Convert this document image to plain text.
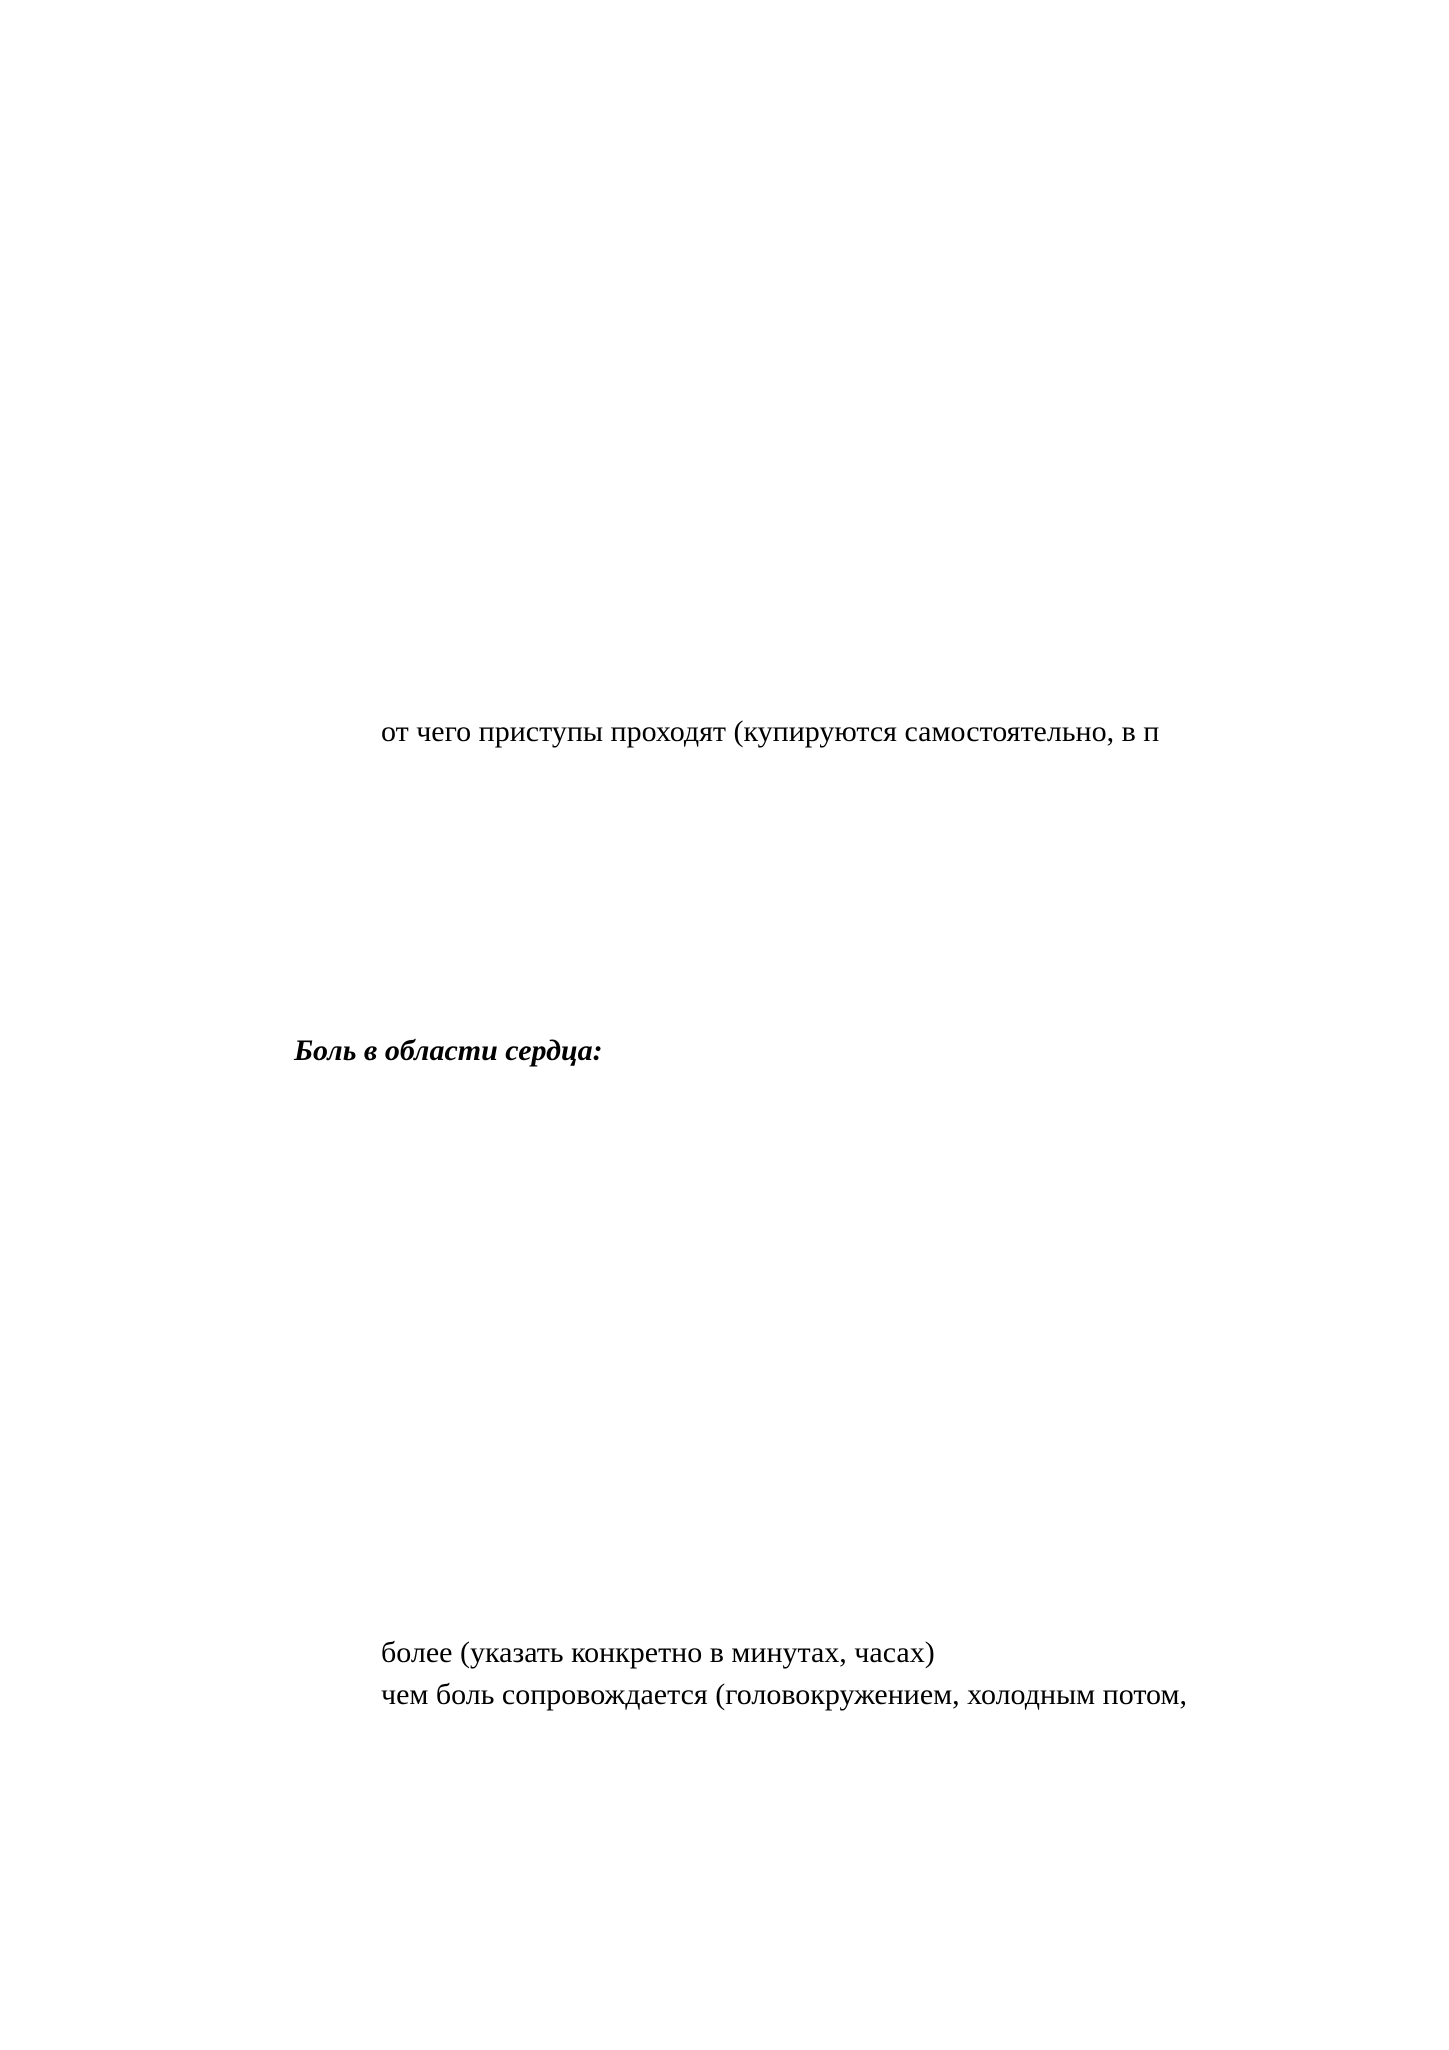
от чего приступы проходят (купируются самостоятельно, в п
Боль в области сердца:
более (указать конкретно в минутах, часах)
чем боль сопровождается (головокружением, холодным потом,
